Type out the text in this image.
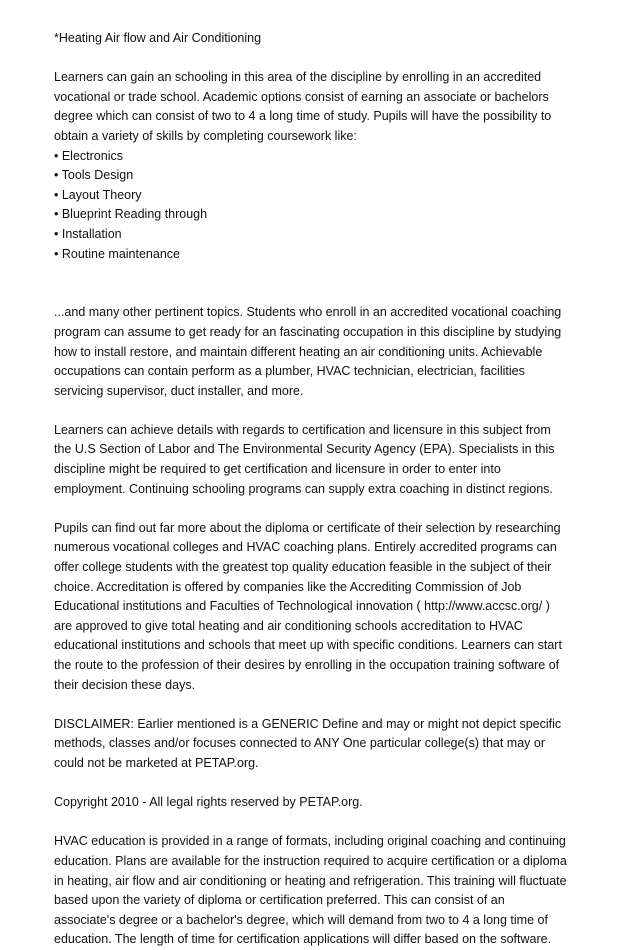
*Heating Air flow and Air Conditioning
Learners can gain an schooling in this area of the discipline by enrolling in an accredited
vocational or trade school. Academic options consist of earning an associate or bachelors
degree which can consist of two to 4 a long time of study. Pupils will have the possibility to
obtain a variety of skills by completing coursework like:
• Electronics
• Tools Design
• Layout Theory
• Blueprint Reading through
• Installation
• Routine maintenance
...and many other pertinent topics. Students who enroll in an accredited vocational coaching
program can assume to get ready for an fascinating occupation in this discipline by studying
how to install restore, and maintain different heating an air conditioning units. Achievable
occupations can contain perform as a plumber, HVAC technician, electrician, facilities
servicing supervisor, duct installer, and more.
Learners can achieve details with regards to certification and licensure in this subject from
the U.S Section of Labor and The Environmental Security Agency (EPA). Specialists in this
discipline might be required to get certification and licensure in order to enter into
employment. Continuing schooling programs can supply extra coaching in distinct regions.
Pupils can find out far more about the diploma or certificate of their selection by researching
numerous vocational colleges and HVAC coaching plans. Entirely accredited programs can
offer college students with the greatest top quality education feasible in the subject of their
choice. Accreditation is offered by companies like the Accrediting Commission of Job
Educational institutions and Faculties of Technological innovation ( http://www.accsc.org/ )
are approved to give total heating and air conditioning schools accreditation to HVAC
educational institutions and schools that meet up with specific conditions. Learners can start
the route to the profession of their desires by enrolling in the occupation training software of
their decision these days.
DISCLAIMER: Earlier mentioned is a GENERIC Define and may or might not depict specific
methods, classes and/or focuses connected to ANY One particular college(s) that may or
could not be marketed at PETAP.org.
Copyright 2010 - All legal rights reserved by PETAP.org.
HVAC education is provided in a range of formats, including original coaching and continuing
education. Plans are available for the instruction required to acquire certification or a diploma
in heating, air flow and air conditioning or heating and refrigeration. This training will fluctuate
based upon the variety of diploma or certification preferred. This can consist of an
associate's degree or a bachelor's degree, which will demand from two to 4 a long time of
education. The length of time for certification applications will differ based on the software.
